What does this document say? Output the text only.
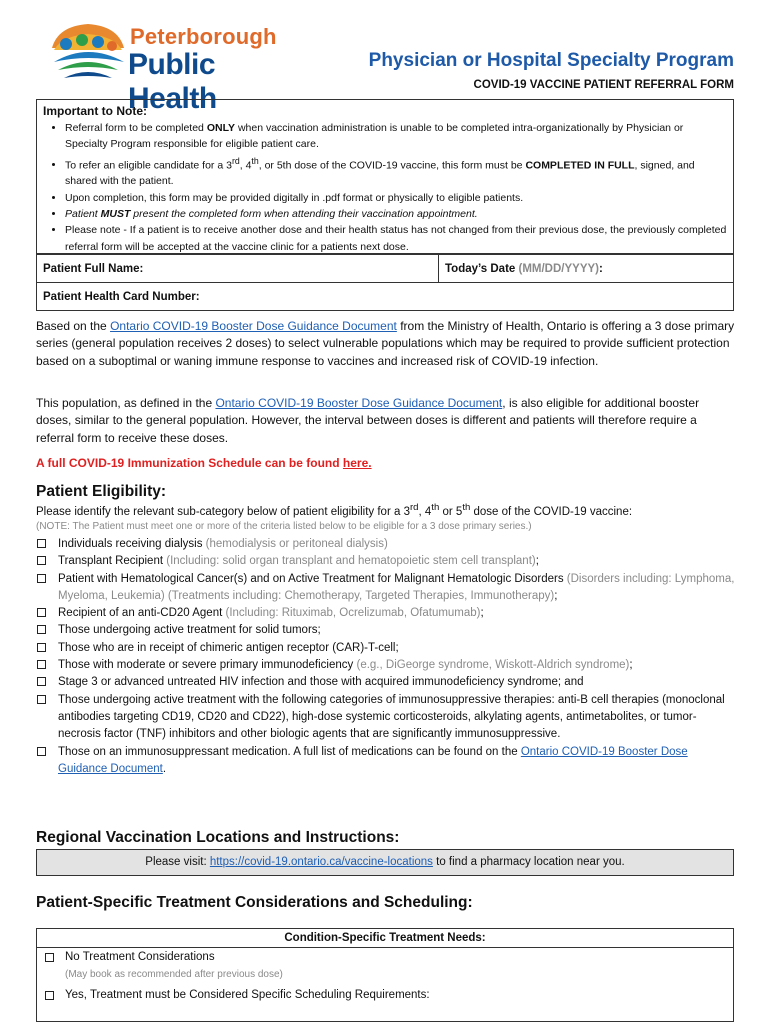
Peterborough
Public Health
Physician or Hospital Specialty Program
COVID-19 VACCINE PATIENT REFERRAL FORM
Important to Note:
• Referral form to be completed ONLY when vaccination administration is unable to be completed intra-organizationally by Physician or Specialty Program responsible for eligible patient care.
• To refer an eligible candidate for a 3rd, 4th, or 5th dose of the COVID-19 vaccine, this form must be COMPLETED IN FULL, signed, and shared with the patient.
• Upon completion, this form may be provided digitally in .pdf format or physically to eligible patients.
• Patient MUST present the completed form when attending their vaccination appointment.
• Please note - If a patient is to receive another dose and their health status has not changed from their previous dose, the previously completed referral form will be accepted at the vaccine clinic for a patients next dose.
Patient Full Name:	Today’s Date (MM/DD/YYYY):
Patient Health Card Number:

Based on the Ontario COVID-19 Booster Dose Guidance Document from the Ministry of Health, Ontario is offering a 3 dose primary series (general population receives 2 doses) to select vulnerable populations which may be required to provide sufficient protection based on a suboptimal or waning immune response to vaccines and increased risk of COVID-19 infection.

This population, as defined in the Ontario COVID-19 Booster Dose Guidance Document, is also eligible for additional booster doses, similar to the general population. However, the interval between doses is different and patients will therefore require a referral form to receive these doses.

A full COVID-19 Immunization Schedule can be found here.

Patient Eligibility:
Please identify the relevant sub-category below of patient eligibility for a 3rd, 4th or 5th dose of the COVID-19 vaccine:
(NOTE: The Patient must meet one or more of the criteria listed below to be eligible for a 3 dose primary series.)
Individuals receiving dialysis (hemodialysis or peritoneal dialysis)
Transplant Recipient (Including: solid organ transplant and hematopoietic stem cell transplant);
Patient with Hematological Cancer(s) and on Active Treatment for Malignant Hematologic Disorders (Disorders including: Lymphoma, Myeloma, Leukemia) (Treatments including: Chemotherapy, Targeted Therapies, Immunotherapy);
Recipient of an anti-CD20 Agent (Including: Rituximab, Ocrelizumab, Ofatumumab);
Those undergoing active treatment for solid tumors;
Those who are in receipt of chimeric antigen receptor (CAR)-T-cell;
Those with moderate or severe primary immunodeficiency (e.g., DiGeorge syndrome, Wiskott-Aldrich syndrome);
Stage 3 or advanced untreated HIV infection and those with acquired immunodeficiency syndrome; and
Those undergoing active treatment with the following categories of immunosuppressive therapies: anti-B cell therapies (monoclonal antibodies targeting CD19, CD20 and CD22), high-dose systemic corticosteroids, alkylating agents, antimetabolites, or tumor-necrosis factor (TNF) inhibitors and other biologic agents that are significantly immunosuppressive.
Those on an immunosuppressant medication. A full list of medications can be found on the Ontario COVID-19 Booster Dose Guidance Document.
Regional Vaccination Locations and Instructions:
Please visit: https://covid-19.ontario.ca/vaccine-locations to find a pharmacy location near you.
Patient-Specific Treatment Considerations and Scheduling:
Condition-Specific Treatment Needs:
No Treatment Considerations
(May book as recommended after previous dose)
Yes, Treatment must be Considered Specific Scheduling Requirements:
